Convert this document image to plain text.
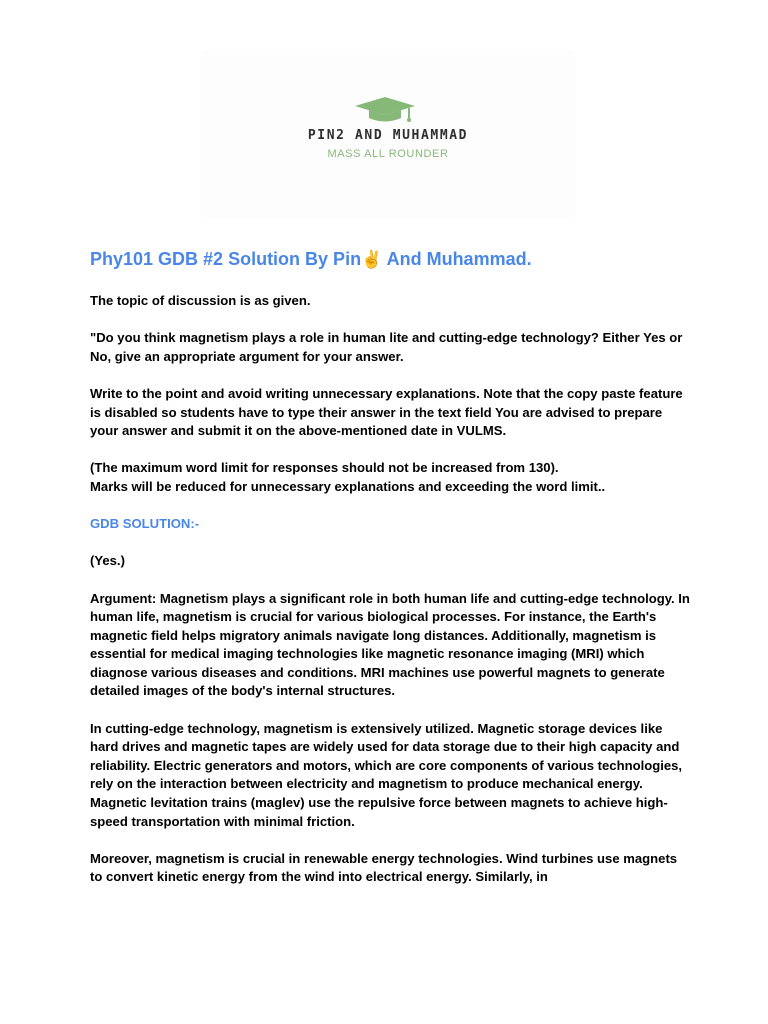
PIN2 AND MUHAMMAD
MASS ALL ROUNDER
Phy101 GDB #2 Solution By Pin✌ And Muhammad.

The topic of discussion is as given.

"Do you think magnetism plays a role in human lite and cutting-edge technology? Either Yes or No, give an appropriate argument for your answer.

Write to the point and avoid writing unnecessary explanations. Note that the copy paste feature is disabled so students have to type their answer in the text field You are advised to prepare your answer and submit it on the above-mentioned date in VULMS.

(The maximum word limit for responses should not be increased from 130).
Marks will be reduced for unnecessary explanations and exceeding the word limit..

GDB SOLUTION:-

(Yes.)

Argument: Magnetism plays a significant role in both human life and cutting-edge technology. In human life, magnetism is crucial for various biological processes. For instance, the Earth's magnetic field helps migratory animals navigate long distances. Additionally, magnetism is essential for medical imaging technologies like magnetic resonance imaging (MRI) which diagnose various diseases and conditions. MRI machines use powerful magnets to generate detailed images of the body's internal structures.

In cutting-edge technology, magnetism is extensively utilized. Magnetic storage devices like hard drives and magnetic tapes are widely used for data storage due to their high capacity and reliability. Electric generators and motors, which are core components of various technologies, rely on the interaction between electricity and magnetism to produce mechanical energy. Magnetic levitation trains (maglev) use the repulsive force between magnets to achieve high-speed transportation with minimal friction.

Moreover, magnetism is crucial in renewable energy technologies. Wind turbines use magnets to convert kinetic energy from the wind into electrical energy. Similarly, in
